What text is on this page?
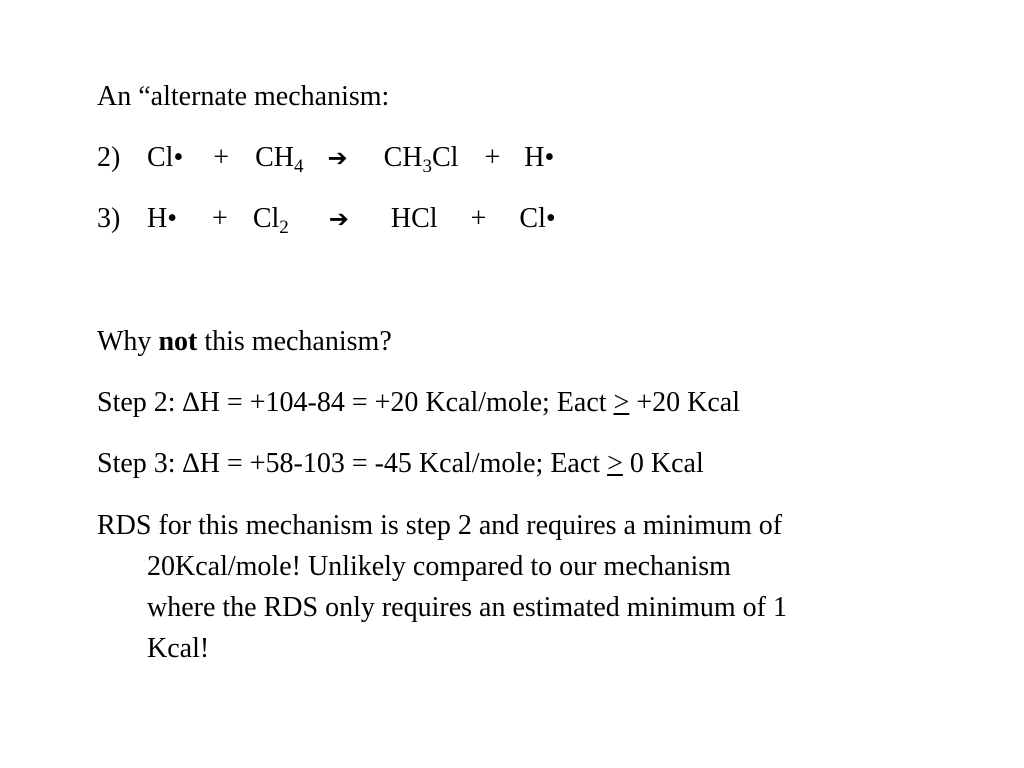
An “alternate mechanism:
2) Cl• + $CH_4$ ➔ $CH_3Cl$ + H•
3) H• + $Cl_2$ ➔ HCl + Cl•
Why not this mechanism?
Step 2: ∆H = +104-84 = +20 Kcal/mole; Eact ≥ +20 Kcal
Step 3: ∆H = +58-103 = -45 Kcal/mole; Eact ≥ 0 Kcal
RDS for this mechanism is step 2 and requires a minimum of
20Kcal/mole! Unlikely compared to our mechanism
where the RDS only requires an estimated minimum of 1
Kcal!
